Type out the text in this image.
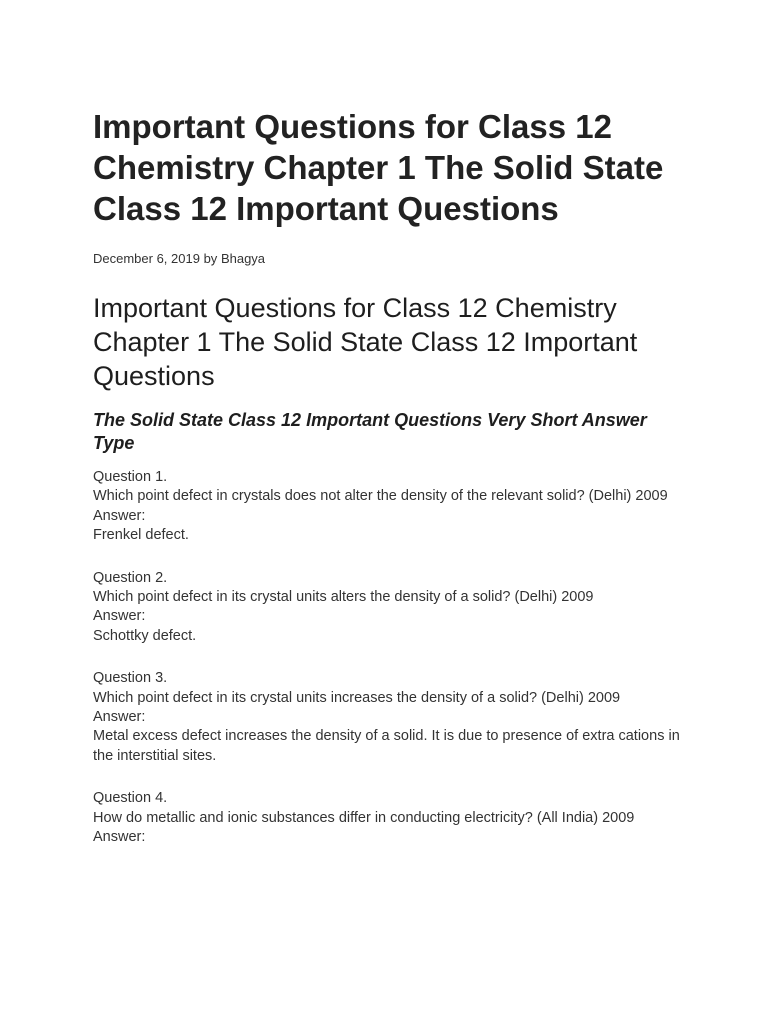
Important Questions for Class 12 Chemistry Chapter 1 The Solid State Class 12 Important Questions
December 6, 2019 by Bhagya
Important Questions for Class 12 Chemistry Chapter 1 The Solid State Class 12 Important Questions
The Solid State Class 12 Important Questions Very Short Answer Type
Question 1.
Which point defect in crystals does not alter the density of the relevant solid? (Delhi) 2009
Answer:
Frenkel defect.
Question 2.
Which point defect in its crystal units alters the density of a solid? (Delhi) 2009
Answer:
Schottky defect.
Question 3.
Which point defect in its crystal units increases the density of a solid? (Delhi) 2009
Answer:
Metal excess defect increases the density of a solid. It is due to presence of extra cations in the interstitial sites.
Question 4.
How do metallic and ionic substances differ in conducting electricity? (All India) 2009
Answer:
